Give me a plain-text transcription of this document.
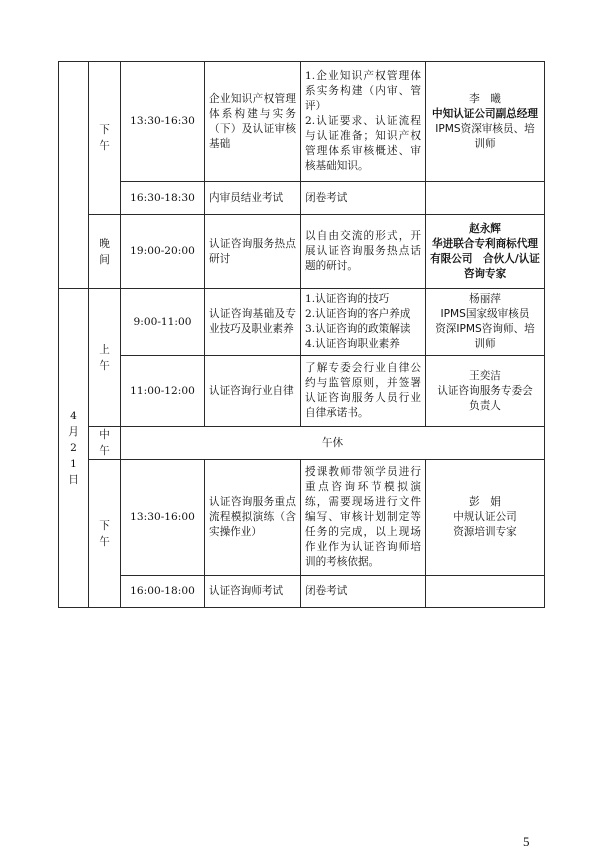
	下午	13:30-16:30	企业知识产权管理体系构建与实务（下）及认证审核基础	1.企业知识产权管理体系实务构建（内审、管评）
2.认证要求、认证流程与认证准备；知识产权管理体系审核概述、审核基础知识。	李　曦
中知认证公司副总经理
IPMS资深审核员、培训师

		16:30-18:30	内审员结业考试	闭卷考试	
	晚间	19:00-20:00	认证咨询服务热点研讨	以自由交流的形式，开展认证咨询服务热点话题的研讨。	赵永辉
华进联合专利商标代理有限公司　合伙人/认证咨询专家

4月21日	上午	9:00-11:00	认证咨询基础及专业技巧及职业素养	1.认证咨询的技巧
2.认证咨询的客户养成
3.认证咨询的政策解读
4.认证咨询职业素养	杨丽萍
IPMS国家级审核员
资深IPMS咨询师、培训师

		11:00-12:00	认证咨询行业自律	了解专委会行业自律公约与监管原则，并签署认证咨询服务人员行业自律承诺书。	王奕洁
认证咨询服务专委会
负责人

	中午	午休			
	下午	13:30-16:00	认证咨询服务重点流程模拟演练（含实操作业）	授课教师带领学员进行重点咨询环节模拟演练，需要现场进行文件编写、审核计划制定等任务的完成，以上现场作业作为认证咨询师培训的考核依据。	彭　娟
中规认证公司
资源培训专家

		16:00-18:00	认证咨询师考试	闭卷考试	
5
